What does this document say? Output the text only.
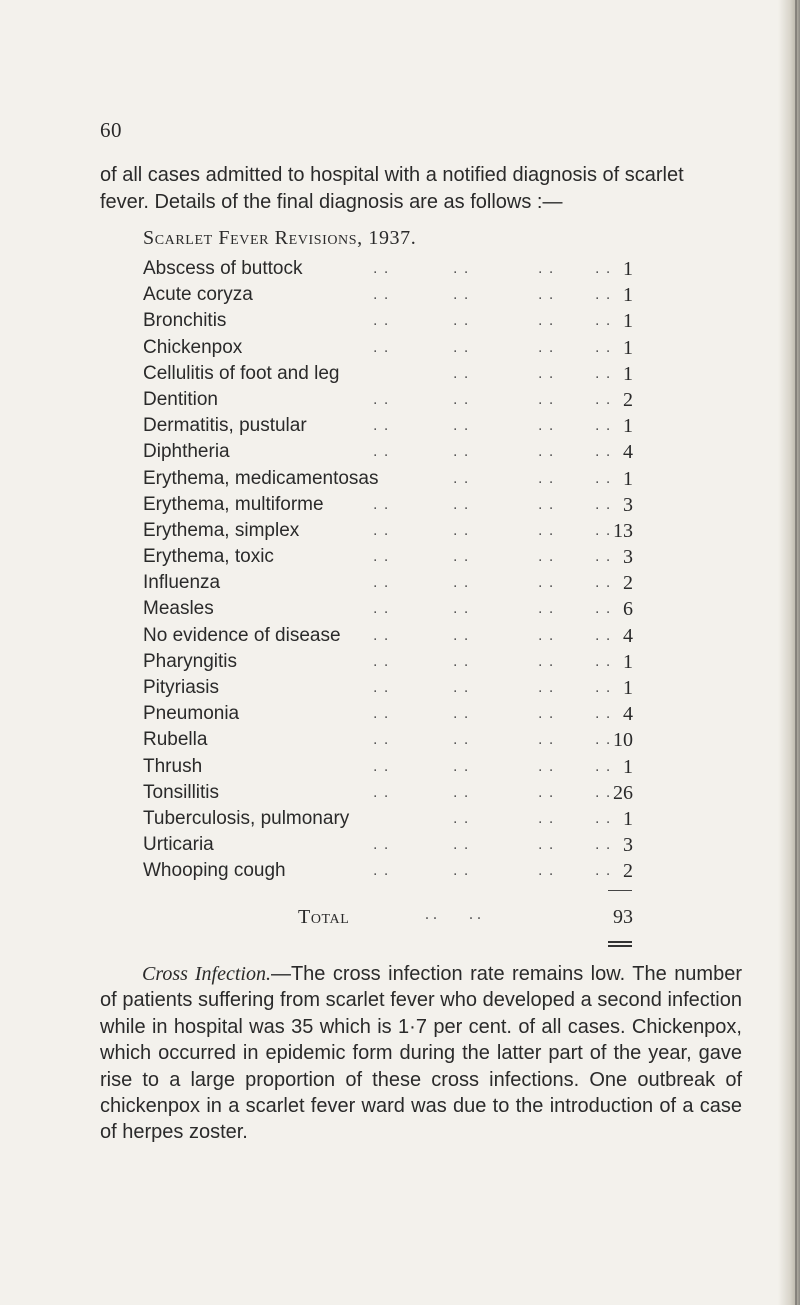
60
of all cases admitted to hospital with a notified diagnosis of scarlet
fever. Details of the final diagnosis are as follows :—
Scarlet Fever Revisions, 1937.
Abscess of buttock	. .	. .	. .	. . 1
Acute coryza	. .	. .	. .	. . 1
Bronchitis	. .	. .	. .	. . 1
Chickenpox	. .	. .	. .	. . 1
Cellulitis of foot and leg	. .	. .	. . 1
Dentition	. .	. .	. .	. . 2
Dermatitis, pustular	. .	. .	. .	. . 1
Diphtheria	. .	. .	. .	. . 4
Erythema, medicamentosas	. .	. .	. . 1
Erythema, multiforme	. .	. .	. .	. . 3
Erythema, simplex	. .	. .	. .	. . 13
Erythema, toxic	. .	. .	. .	. . 3
Influenza	. .	. .	. .	. . 2
Measles	. .	. .	. .	. . 6
No evidence of disease . .	. .	. .	. . 4
Pharyngitis	. .	. .	. .	. . 1
Pityriasis	. .	. .	. .	. . 1
Pneumonia	. .	. .	. .	. . 4
Rubella	. .	. .	. .	. . 10
Thrush	. .	. .	. .	. . 1
Tonsillitis	. .	. .	. .	. . 26
Tuberculosis, pulmonary	. .	. .	. . 1
Urticaria	. .	. .	. .	. . 3
Whooping cough	. .	. .	. .	. . 2
Total	. .        . .	93
Cross Infection.—The cross infection rate remains low. The number of patients suffering from scarlet fever who developed a second infection while in hospital was 35 which is 1·7 per cent. of all cases. Chickenpox, which occurred in epidemic form during the latter part of the year, gave rise to a large proportion of these cross infections. One outbreak of chickenpox in a scarlet fever ward was due to the introduction of a case of herpes zoster.
